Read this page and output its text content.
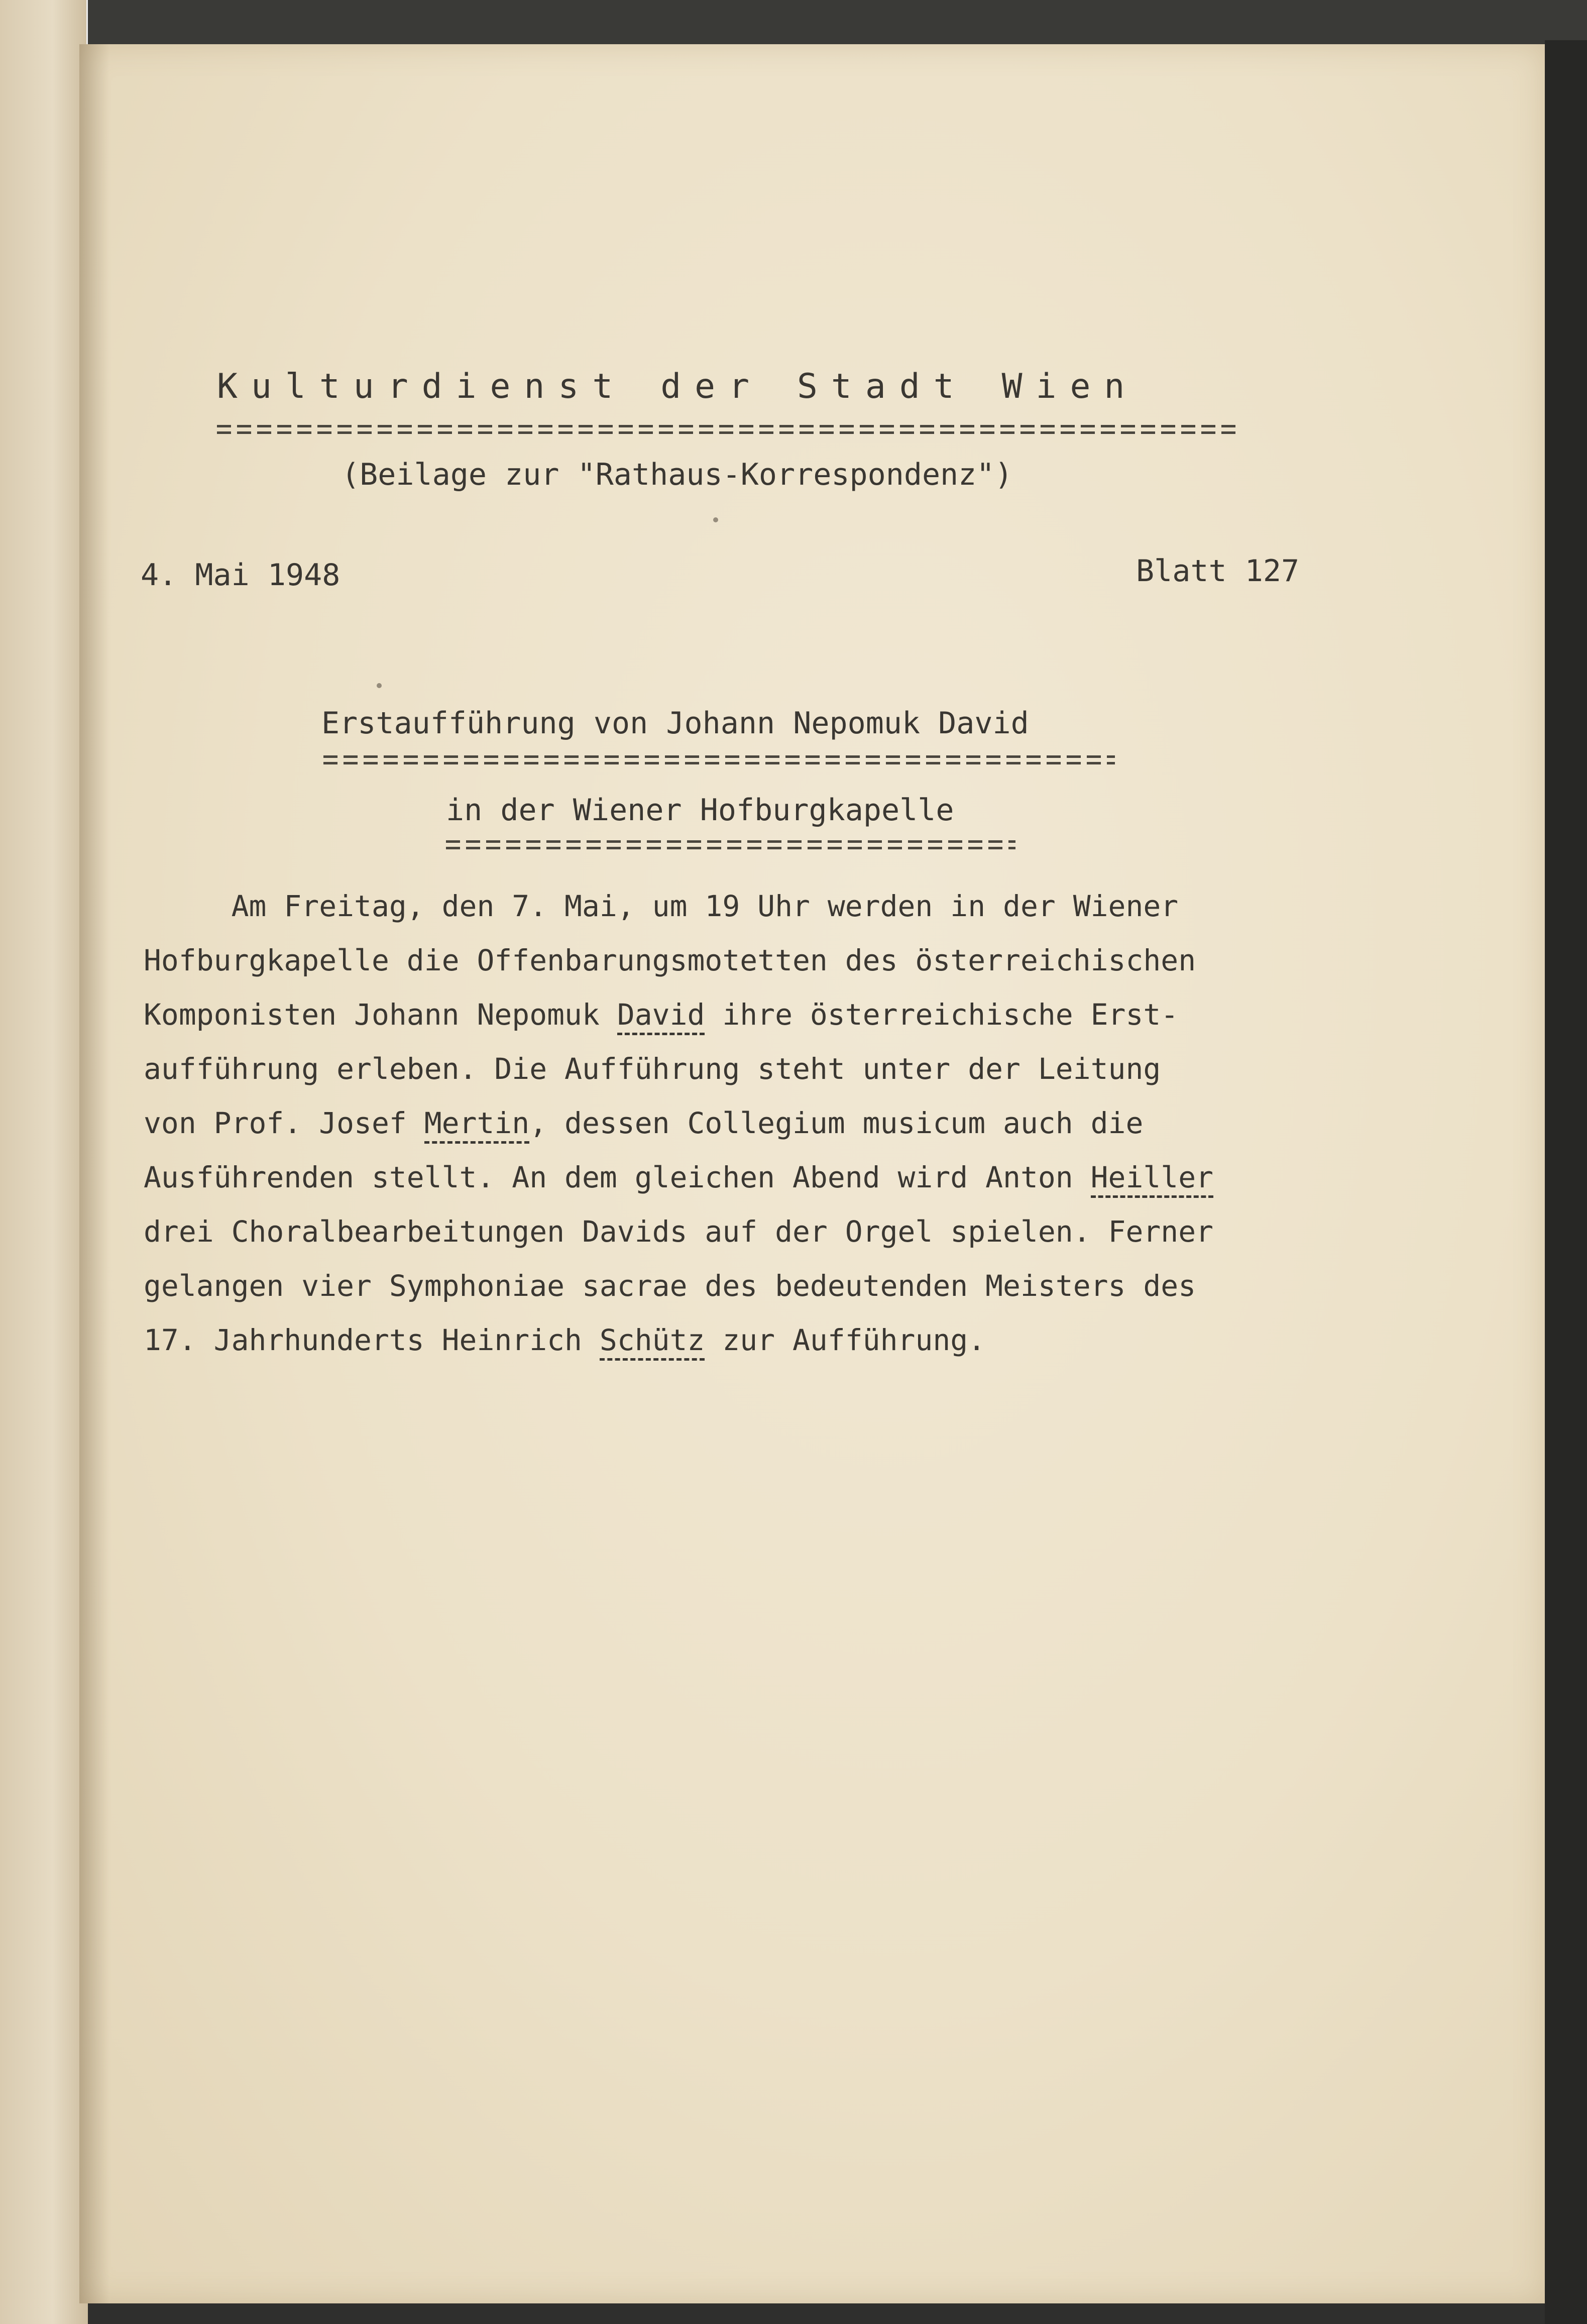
Kulturdienst der Stadt Wien
(Beilage zur "Rathaus-Korrespondenz")
4. Mai 1948	Blatt 127
Erstaufführung von Johann Nepomuk David
in der Wiener Hofburgkapelle
Am Freitag, den 7. Mai, um 19 Uhr werden in der Wiener
Hofburgkapelle die Offenbarungsmotetten des österreichischen
Komponisten Johann Nepomuk David ihre österreichische Erst-
aufführung erleben. Die Aufführung steht unter der Leitung
von Prof. Josef Mertin, dessen Collegium musicum auch die
Ausführenden stellt. An dem gleichen Abend wird Anton Heiller
drei Choralbearbeitungen Davids auf der Orgel spielen. Ferner
gelangen vier Symphoniae sacrae des bedeutenden Meisters des
17. Jahrhunderts Heinrich Schütz zur Aufführung.
